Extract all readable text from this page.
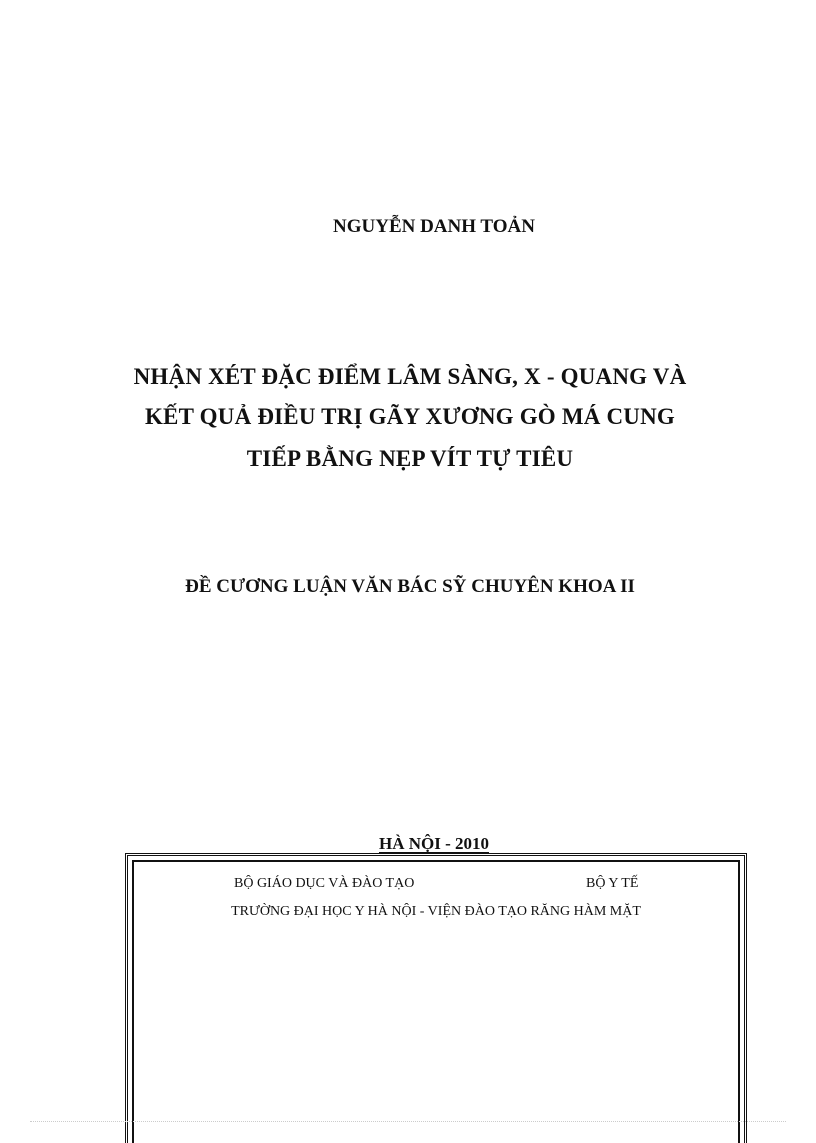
NGUYỄN DANH TOẢN
NHẬN XÉT ĐẶC ĐIỂM LÂM SÀNG, X - QUANG VÀ
KẾT QUẢ ĐIỀU TRỊ GÃY XƯƠNG GÒ MÁ CUNG
TIẾP BẰNG NẸP VÍT TỰ TIÊU
ĐỀ CƯƠNG LUẬN VĂN BÁC SỸ CHUYÊN KHOA II
HÀ NỘI - 2010
BỘ GIÁO DỤC VÀ ĐÀO TẠO	BỘ Y TẾ
TRƯỜNG ĐẠI HỌC Y HÀ NỘI - VIỆN ĐÀO TẠO RĂNG HÀM MẶT
